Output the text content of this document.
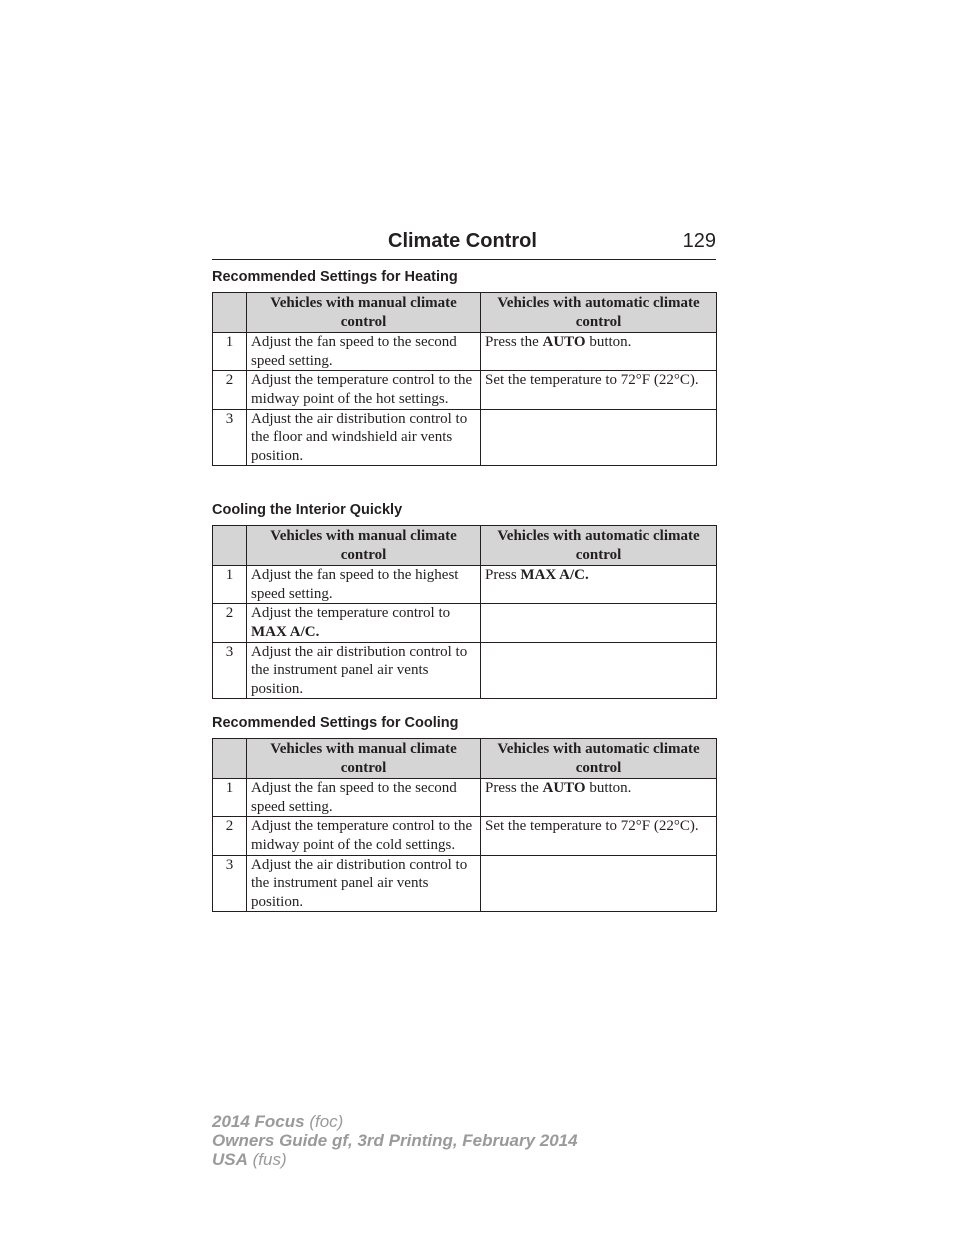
Climate Control	129
Recommended Settings for Heating
	Vehicles with manual climate control	Vehicles with automatic climate control
1	Adjust the fan speed to the second speed setting.	Press the AUTO button.
2	Adjust the temperature control to the midway point of the hot settings.	Set the temperature to 72°F (22°C).
3	Adjust the air distribution control to the floor and windshield air vents position.	
Cooling the Interior Quickly
	Vehicles with manual climate control	Vehicles with automatic climate control
1	Adjust the fan speed to the highest speed setting.	Press MAX A/C.
2	Adjust the temperature control to MAX A/C.	
3	Adjust the air distribution control to the instrument panel air vents position.	
Recommended Settings for Cooling
	Vehicles with manual climate control	Vehicles with automatic climate control
1	Adjust the fan speed to the second speed setting.	Press the AUTO button.
2	Adjust the temperature control to the midway point of the cold settings.	Set the temperature to 72°F (22°C).
3	Adjust the air distribution control to the instrument panel air vents position.	
2014 Focus (foc)
Owners Guide gf, 3rd Printing, February 2014
USA (fus)
